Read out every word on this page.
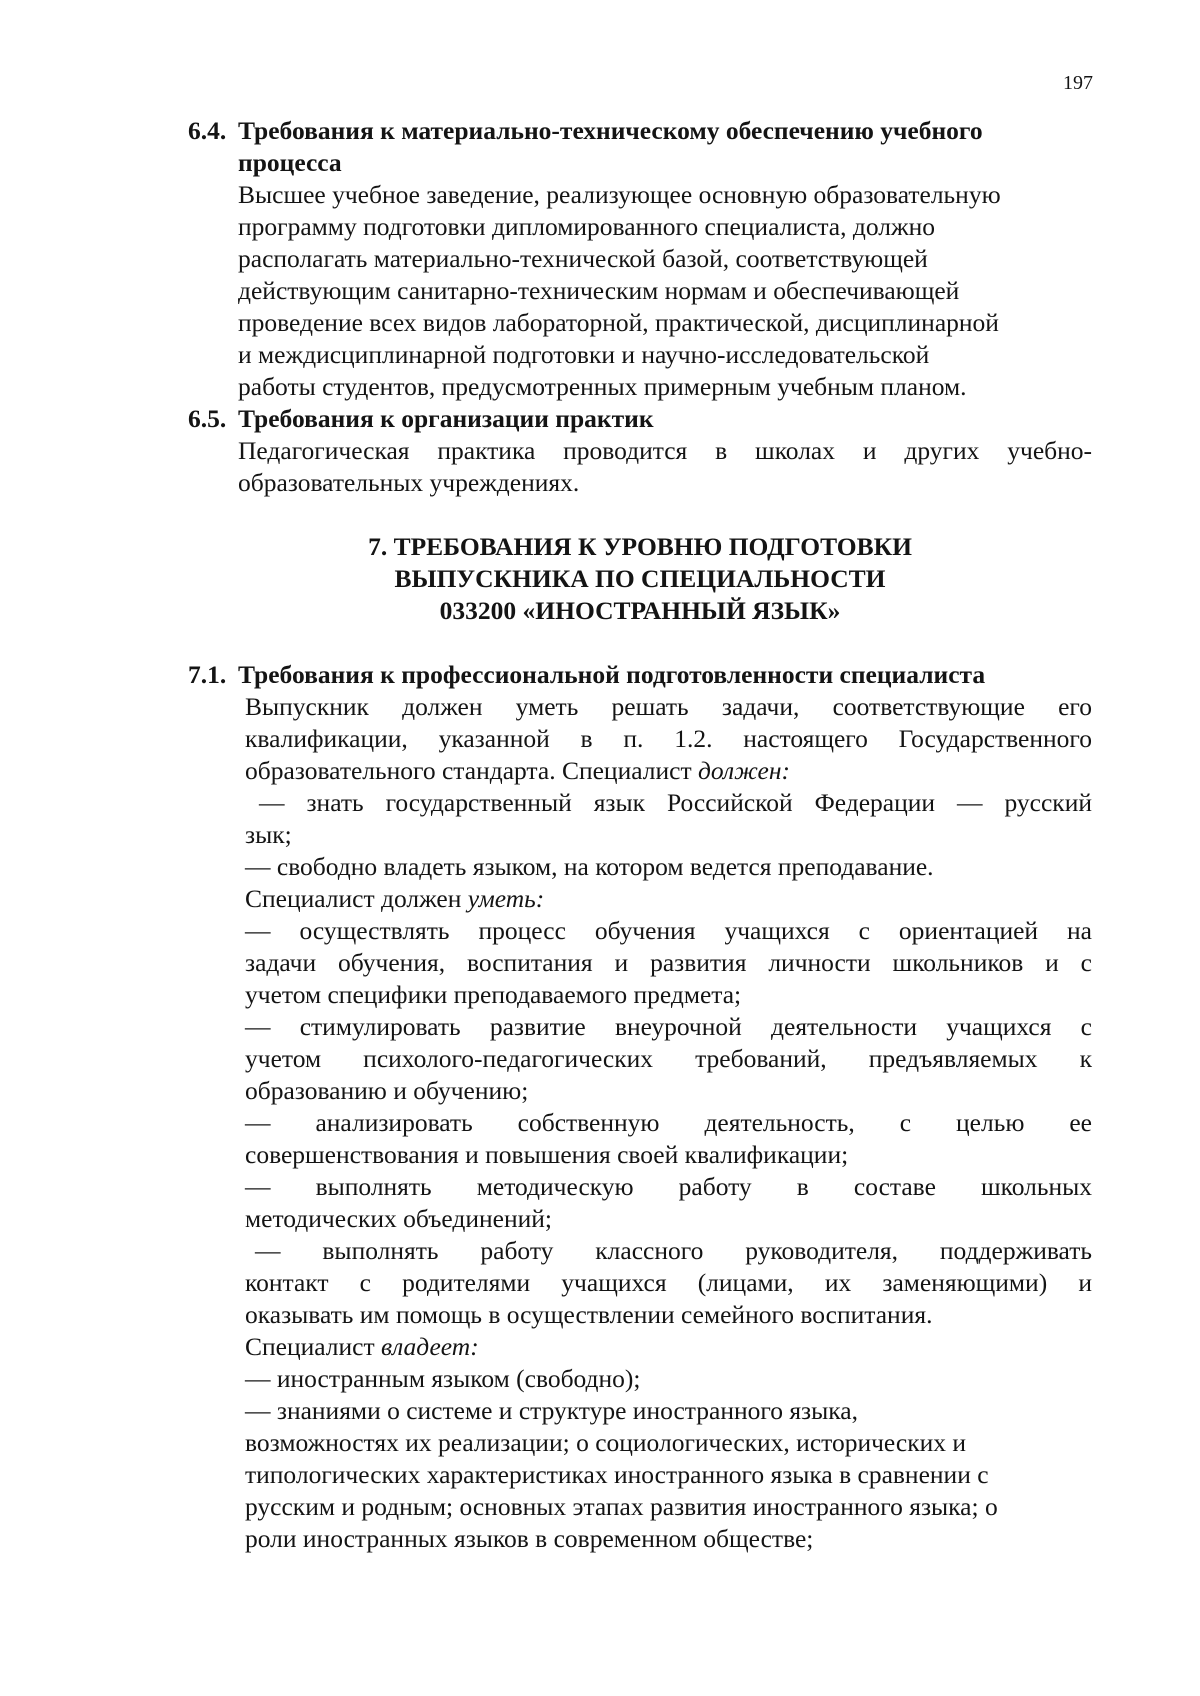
197
6.4. Требования к материально-техническому обеспечению учебного процесса
Высшее учебное заведение, реализующее основную образовательную
программу подготовки дипломированного специалиста, должно
располагать материально-технической базой, соответствующей
действующим санитарно-техническим нормам и обеспечивающей
проведение всех видов лабораторной, практической, дисциплинарной
и междисциплинарной подготовки и научно-исследовательской
работы студентов, предусмотренных примерным учебным планом.
6.5. Требования к организации практик
Педагогическая практика проводится в школах и других учебно-
образовательных учреждениях.
7. ТРЕБОВАНИЯ К УРОВНЮ ПОДГОТОВКИ
ВЫПУСКНИКА ПО СПЕЦИАЛЬНОСТИ
033200 «ИНОСТРАННЫЙ ЯЗЫК»
7.1. Требования к профессиональной подготовленности специалиста
Выпускник должен уметь решать задачи, соответствующие его
квалификации, указанной в п. 1.2. настоящего Государственного
образовательного стандарта. Специалист должен:
— знать государственный язык Российской Федерации — русский
зык;
— свободно владеть языком, на котором ведется преподавание.
Специалист должен уметь:
— осуществлять процесс обучения учащихся с ориентацией на
задачи обучения, воспитания и развития личности школьников и с
учетом специфики преподаваемого предмета;
— стимулировать развитие внеурочной деятельности учащихся с
учетом психолого-педагогических требований, предъявляемых к
образованию и обучению;
— анализировать собственную деятельность, с целью ее
совершенствования и повышения своей квалификации;
— выполнять методическую работу в составе школьных
методических объединений;
— выполнять работу классного руководителя, поддерживать
контакт с родителями учащихся (лицами, их заменяющими) и
оказывать им помощь в осуществлении семейного воспитания.
Специалист владеет:
— иностранным языком (свободно);
— знаниями о системе и структуре иностранного языка,
возможностях их реализации; о социологических, исторических и
типологических характеристиках иностранного языка в сравнении с
русским и родным; основных этапах развития иностранного языка; о
роли иностранных языков в современном обществе;
